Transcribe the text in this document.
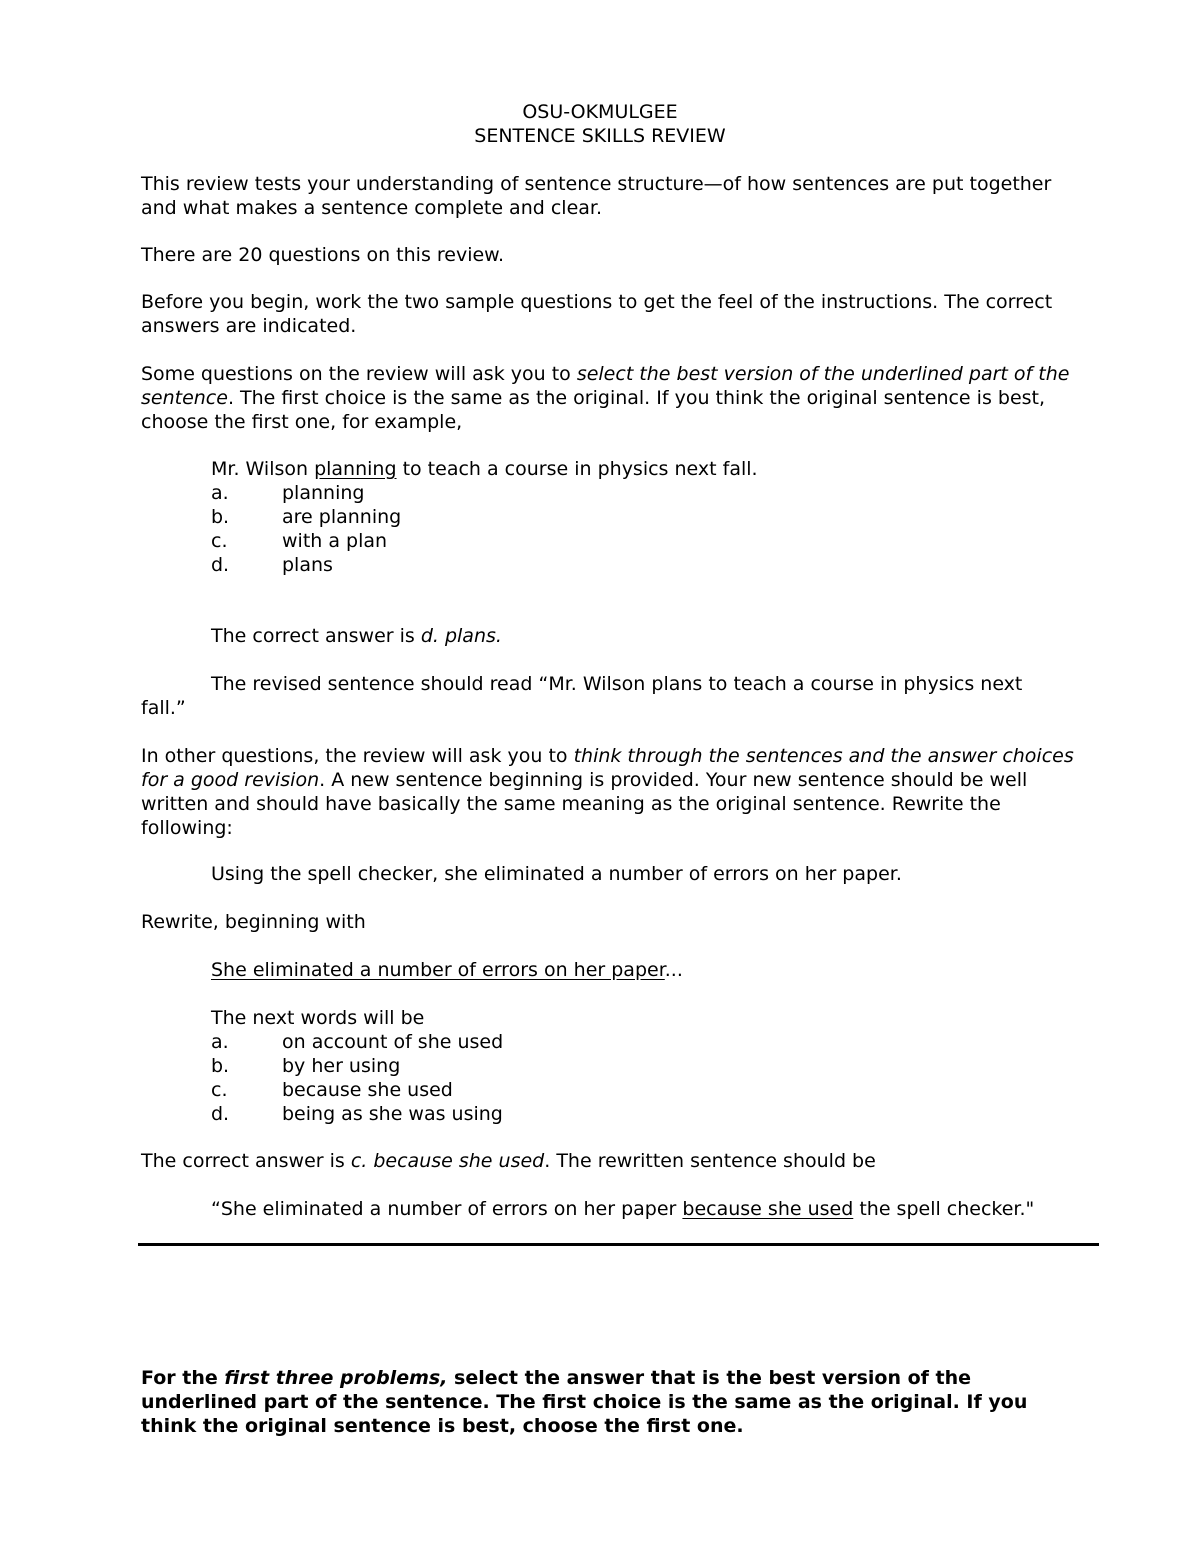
OSU-OKMULGEE
SENTENCE SKILLS REVIEW
This review tests your understanding of sentence structure—of how sentences are put together and what makes a sentence complete and clear.
There are 20 questions on this review.
Before you begin, work the two sample questions to get the feel of the instructions. The correct answers are indicated.
Some questions on the review will ask you to select the best version of the underlined part of the sentence. The first choice is the same as the original. If you think the original sentence is best, choose the first one, for example,
Mr. Wilson planning to teach a course in physics next fall.
a.	planning
b.	are planning
c.	with a plan
d.	plans
The correct answer is d. plans.
The revised sentence should read “Mr. Wilson plans to teach a course in physics next
fall.”
In other questions, the review will ask you to think through the sentences and the answer choices for a good revision. A new sentence beginning is provided. Your new sentence should be well written and should have basically the same meaning as the original sentence. Rewrite the following:
Using the spell checker, she eliminated a number of errors on her paper.
Rewrite, beginning with
She eliminated a number of errors on her paper...
The next words will be
a.	on account of she used
b.	by her using
c.	because she used
d.	being as she was using
The correct answer is c. because she used. The rewritten sentence should be
“She eliminated a number of errors on her paper because she used the spell checker."
For the first three problems, select the answer that is the best version of the underlined part of the sentence. The first choice is the same as the original. If you think the original sentence is best, choose the first one.
